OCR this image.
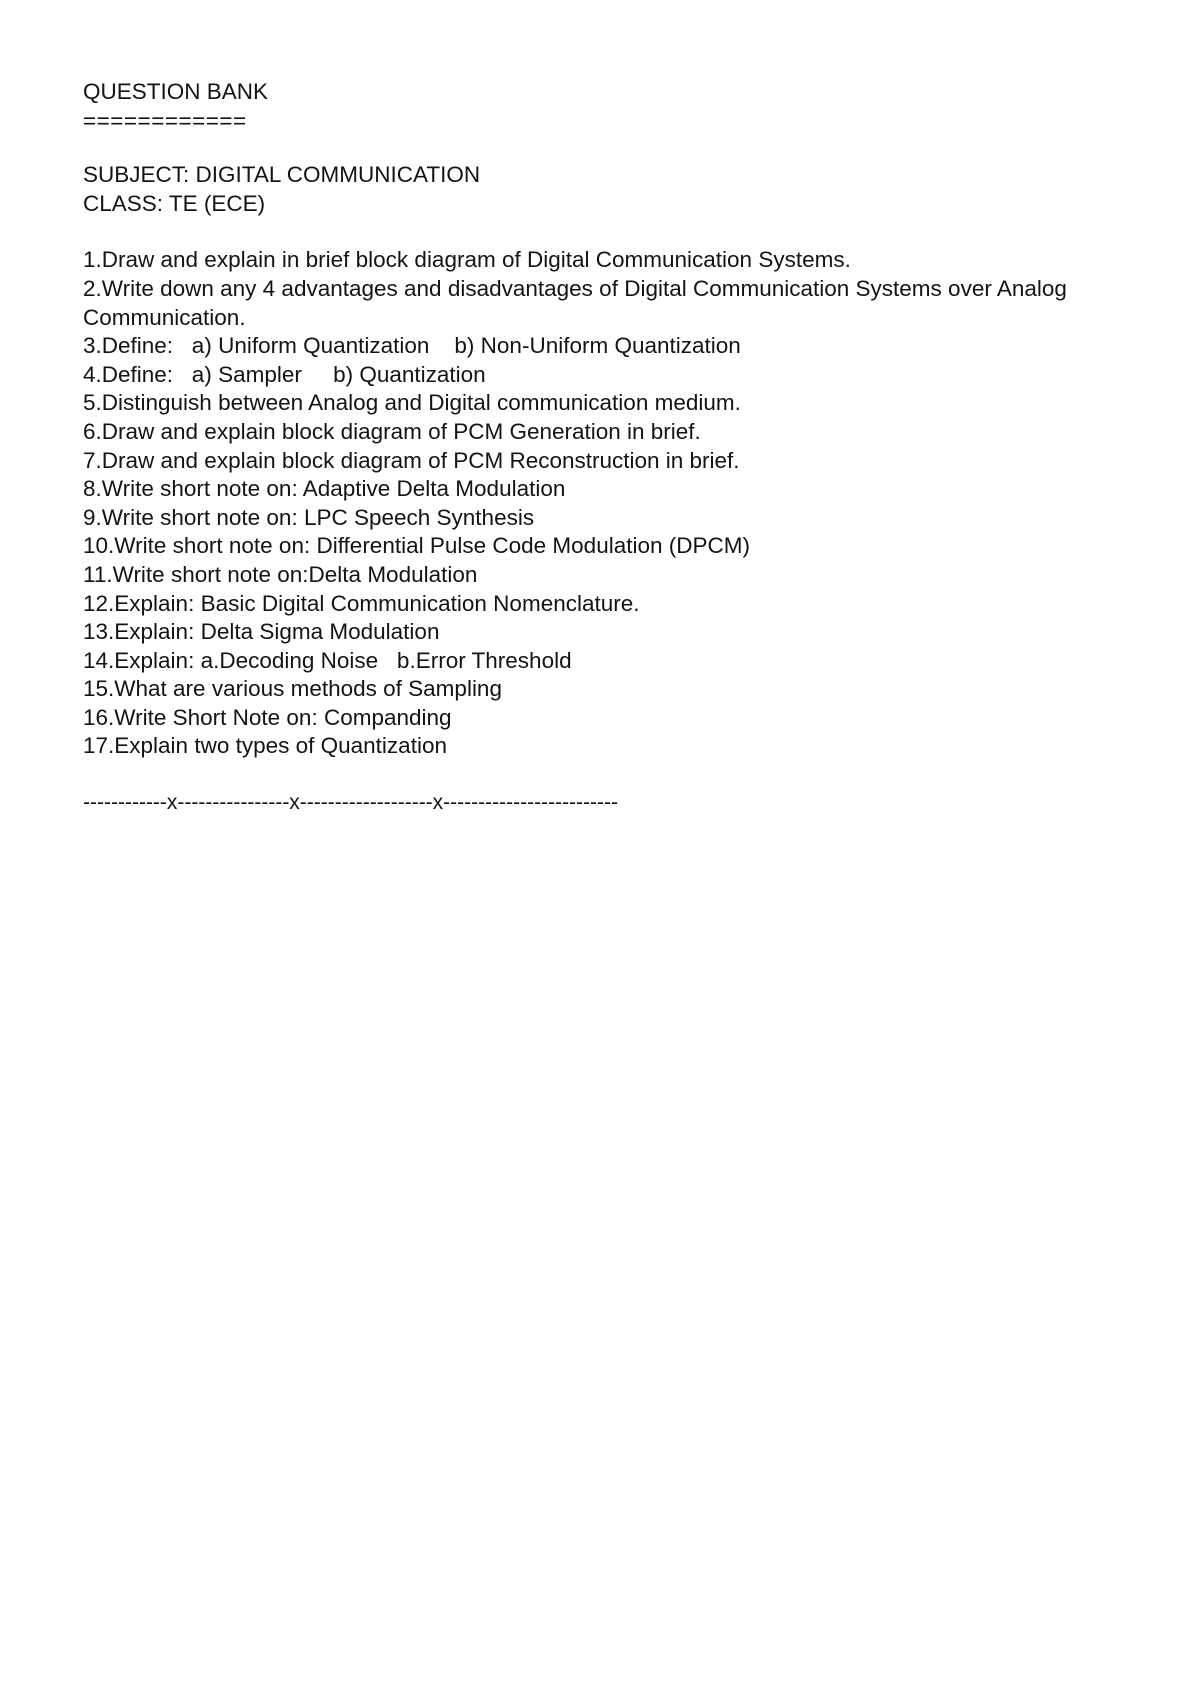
QUESTION BANK
============
SUBJECT: DIGITAL COMMUNICATION
CLASS: TE (ECE)
1.Draw and explain in brief block diagram of Digital Communication Systems.
2.Write down any 4 advantages and disadvantages of Digital Communication Systems over Analog Communication.
3.Define:   a) Uniform Quantization    b) Non-Uniform Quantization
4.Define:   a) Sampler     b) Quantization
5.Distinguish between Analog and Digital communication medium.
6.Draw and explain block diagram of PCM Generation in brief.
7.Draw and explain block diagram of PCM Reconstruction in brief.
8.Write short note on: Adaptive Delta Modulation
9.Write short note on: LPC Speech Synthesis
10.Write short note on: Differential Pulse Code Modulation (DPCM)
11.Write short note on:Delta Modulation
12.Explain: Basic Digital Communication Nomenclature.
13.Explain: Delta Sigma Modulation
14.Explain: a.Decoding Noise   b.Error Threshold
15.What are various methods of Sampling
16.Write Short Note on: Companding
17.Explain two types of Quantization
------------x----------------x-------------------x-------------------------
